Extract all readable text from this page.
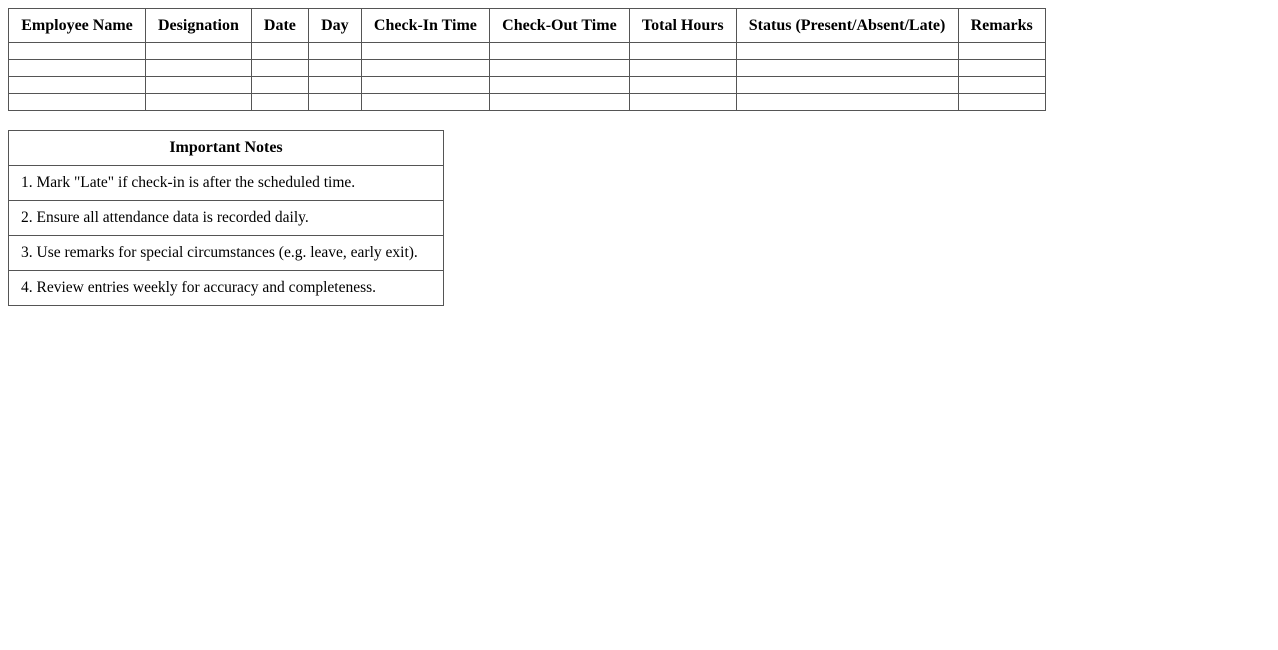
Employee Name	Designation	Date	Day	Check-In Time	Check-Out Time	Total Hours	Status (Present/Absent/Late)	Remarks

Important Notes
1. Mark "Late" if check-in is after the scheduled time.
2. Ensure all attendance data is recorded daily.
3. Use remarks for special circumstances (e.g. leave, early exit).
4. Review entries weekly for accuracy and completeness.
